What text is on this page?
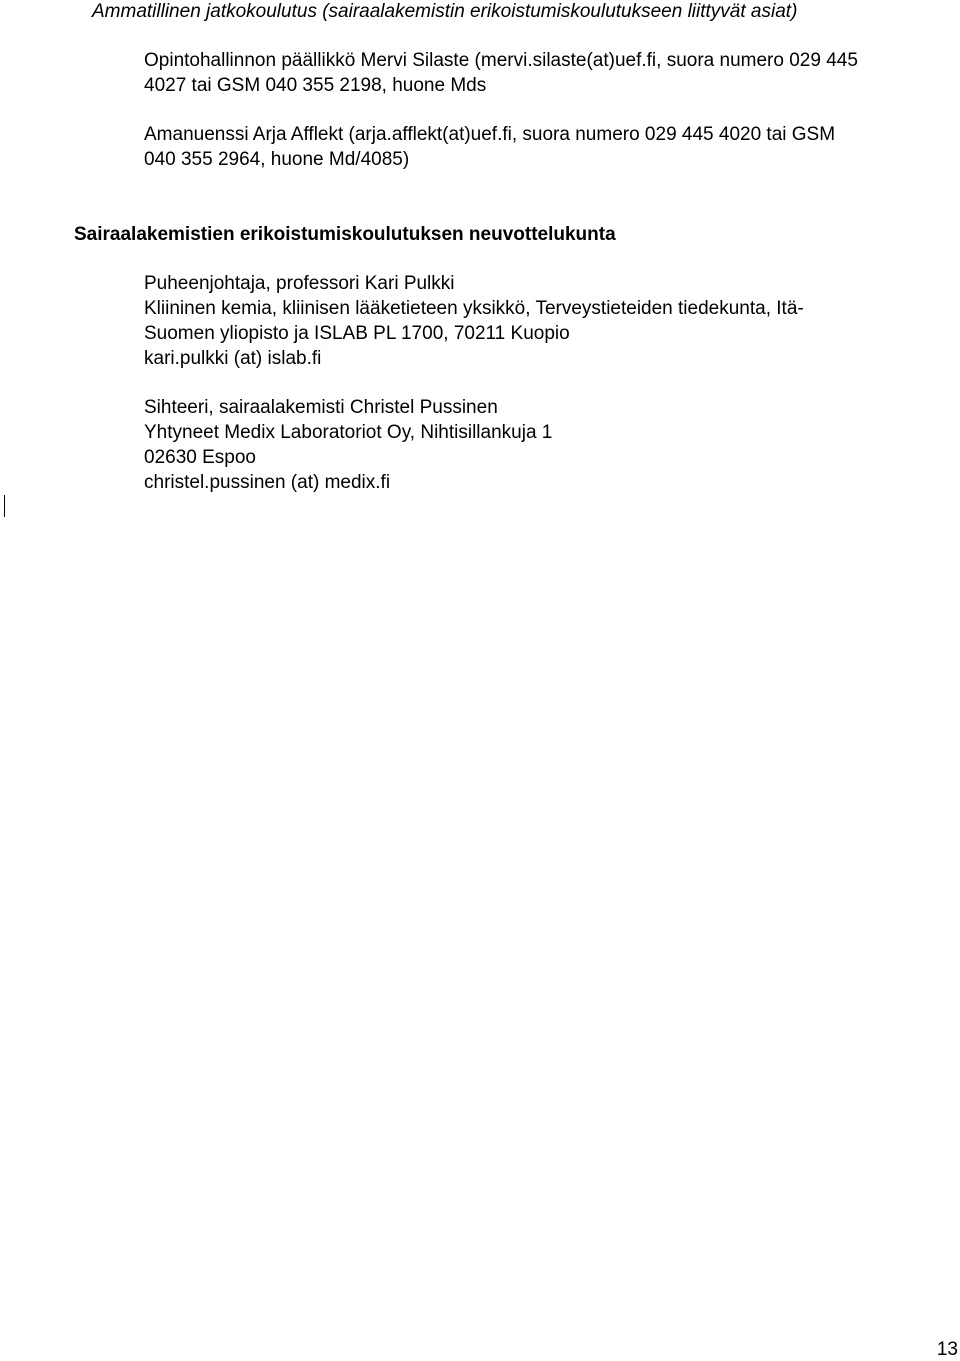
Ammatillinen jatkokoulutus (sairaalakemistin erikoistumiskoulutukseen liittyvät asiat)
Opintohallinnon päällikkö Mervi Silaste (mervi.silaste(at)uef.fi, suora numero 029 445
4027 tai GSM 040 355 2198, huone Mds
Amanuenssi Arja Afflekt (arja.afflekt(at)uef.fi, suora numero 029 445 4020 tai GSM
040 355 2964, huone Md/4085)
Sairaalakemistien erikoistumiskoulutuksen neuvottelukunta
Puheenjohtaja, professori Kari Pulkki
Kliininen kemia, kliinisen lääketieteen yksikkö, Terveystieteiden tiedekunta, Itä-
Suomen yliopisto ja ISLAB PL 1700, 70211 Kuopio
kari.pulkki (at) islab.fi
Sihteeri, sairaalakemisti Christel Pussinen
Yhtyneet Medix Laboratoriot Oy, Nihtisillankuja 1
02630 Espoo
christel.pussinen (at) medix.fi
13
